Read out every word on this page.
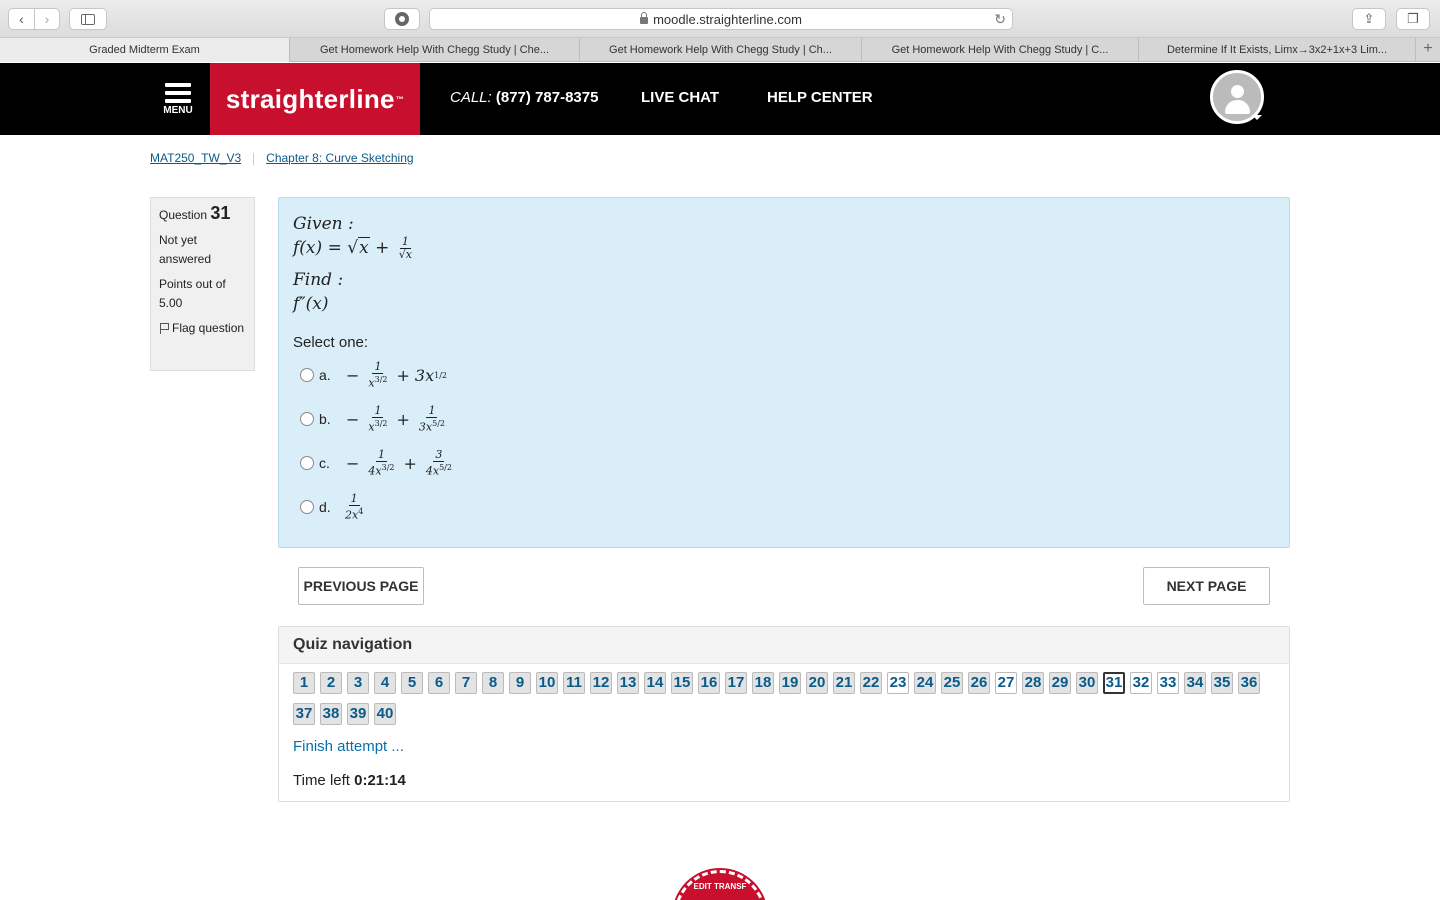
‹	›	moodle.straighterline.com	↻	⇪	❐
Graded Midterm Exam	Get Homework Help With Chegg Study | Che...	Get Homework Help With Chegg Study | Ch...	Get Homework Help With Chegg Study | C...	Determine If It Exists, Limx→3x2+1x+3 Lim...	+
MENU straighterline ™	CALL: (877) 787-8375	LIVE CHAT	HELP CENTER
MAT250_TW_V3 Chapter 8: Curve Sketching
Question 31

Not yet answered

Points out of 5.00

Flag question

Given :
$f(x) = √x + \frac{1}{√x}$
Find :
f″(x)
Select one:
a. − $\frac{1}{x^{3/2}} + 3x$ 1/2
b. − $\frac{1}{x^{3/2}} + \frac{1}{3x^{5/2}}$
c.	− $\frac{1}{4x^{3/2}} + \frac{3}{4x^{5/2}}$
d.	$\frac{1}{2x^4}$
PREVIOUS PAGE	NEXT PAGE
Quiz navigation
1	2	3	4	5	6	7	8	9 10 11 12 13 14 15 16 17 18 19 20 21 22 23 24 25 26 27 28 29 30 31 32 33 34 35 36
37 38 39 40
Finish attempt ...
Time left 0:21:14
EDIT TRANSF
